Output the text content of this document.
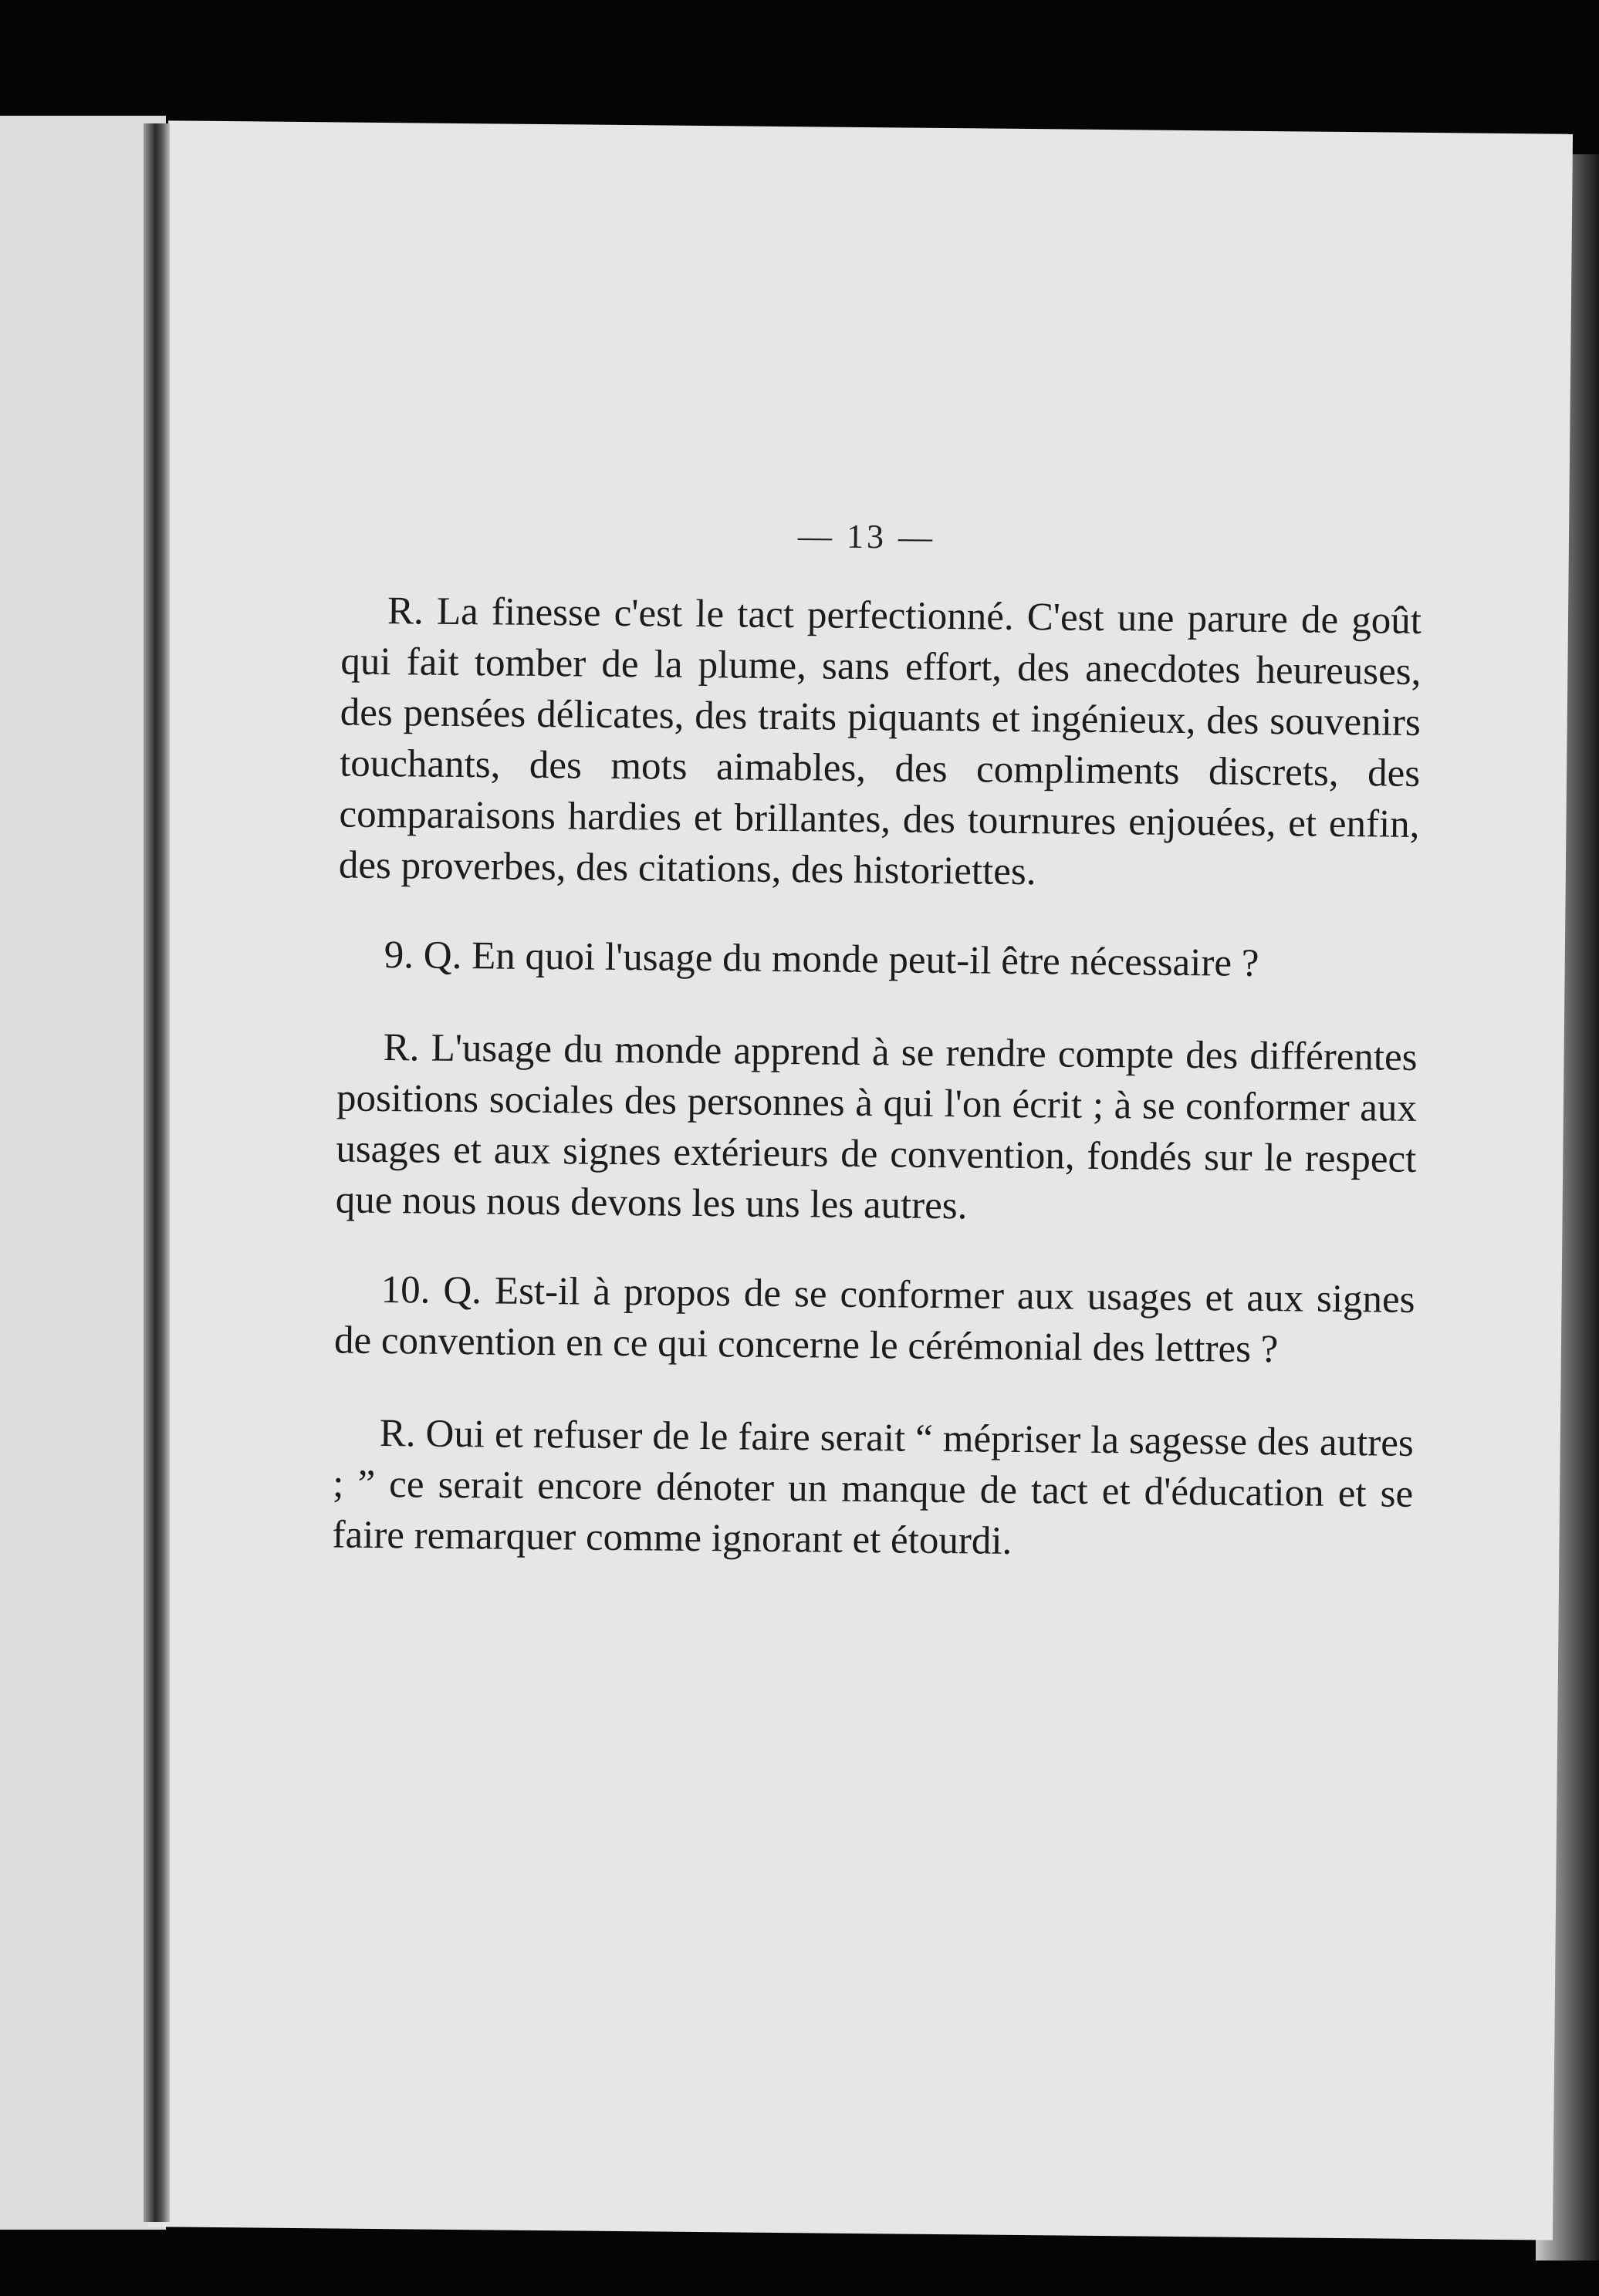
— 13 —

R. La finesse c'est le tact perfectionné. C'est une parure de goût qui fait tomber de la plume, sans effort, des anecdotes heureuses, des pensées délicates, des traits piquants et ingénieux, des souvenirs touchants, des mots aimables, des compliments discrets, des comparaisons hardies et brillantes, des tournures enjouées, et enfin, des proverbes, des citations, des historiettes.

9. Q. En quoi l'usage du monde peut-il être nécessaire ?

R. L'usage du monde apprend à se rendre compte des différentes positions sociales des personnes à qui l'on écrit ; à se conformer aux usages et aux signes extérieurs de convention, fondés sur le respect que nous nous devons les uns les autres.

10. Q. Est-il à propos de se conformer aux usages et aux signes de convention en ce qui concerne le cérémonial des lettres ?

R. Oui et refuser de le faire serait “ mépriser la sagesse des autres ; ” ce serait encore dénoter un manque de tact et d'éducation et se faire remarquer comme ignorant et étourdi.
